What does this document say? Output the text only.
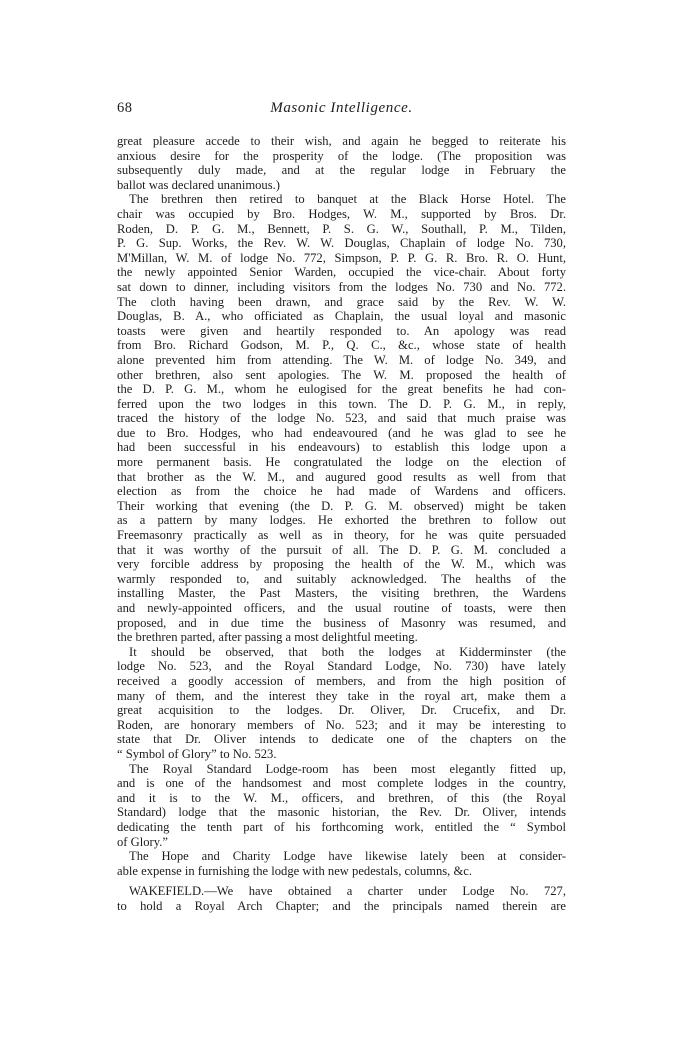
68	Masonic Intelligence.
great pleasure accede to their wish, and again he begged to reiterate his
anxious desire for the prosperity of the lodge. (The proposition was
subsequently duly made, and at the regular lodge in February the
ballot was declared unanimous.)
The brethren then retired to banquet at the Black Horse Hotel. The
chair was occupied by Bro. Hodges, W. M., supported by Bros. Dr.
Roden, D. P. G. M., Bennett, P. S. G. W., Southall, P. M., Tilden,
P. G. Sup. Works, the Rev. W. W. Douglas, Chaplain of lodge No. 730,
M'Millan, W. M. of lodge No. 772, Simpson, P. P. G. R. Bro. R. O. Hunt,
the newly appointed Senior Warden, occupied the vice-chair. About forty
sat down to dinner, including visitors from the lodges No. 730 and No. 772.
The cloth having been drawn, and grace said by the Rev. W. W.
Douglas, B. A., who officiated as Chaplain, the usual loyal and masonic
toasts were given and heartily responded to. An apology was read
from Bro. Richard Godson, M. P., Q. C., &c., whose state of health
alone prevented him from attending. The W. M. of lodge No. 349, and
other brethren, also sent apologies. The W. M. proposed the health of
the D. P. G. M., whom he eulogised for the great benefits he had con-
ferred upon the two lodges in this town. The D. P. G. M., in reply,
traced the history of the lodge No. 523, and said that much praise was
due to Bro. Hodges, who had endeavoured (and he was glad to see he
had been successful in his endeavours) to establish this lodge upon a
more permanent basis. He congratulated the lodge on the election of
that brother as the W. M., and augured good results as well from that
election as from the choice he had made of Wardens and officers.
Their working that evening (the D. P. G. M. observed) might be taken
as a pattern by many lodges. He exhorted the brethren to follow out
Freemasonry practically as well as in theory, for he was quite persuaded
that it was worthy of the pursuit of all. The D. P. G. M. concluded a
very forcible address by proposing the health of the W. M., which was
warmly responded to, and suitably acknowledged. The healths of the
installing Master, the Past Masters, the visiting brethren, the Wardens
and newly-appointed officers, and the usual routine of toasts, were then
proposed, and in due time the business of Masonry was resumed, and
the brethren parted, after passing a most delightful meeting.
It should be observed, that both the lodges at Kidderminster (the
lodge No. 523, and the Royal Standard Lodge, No. 730) have lately
received a goodly accession of members, and from the high position of
many of them, and the interest they take in the royal art, make them a
great acquisition to the lodges. Dr. Oliver, Dr. Crucefix, and Dr.
Roden, are honorary members of No. 523; and it may be interesting to
state that Dr. Oliver intends to dedicate one of the chapters on the
“ Symbol of Glory” to No. 523.
The Royal Standard Lodge-room has been most elegantly fitted up,
and is one of the handsomest and most complete lodges in the country,
and it is to the W. M., officers, and brethren, of this (the Royal
Standard) lodge that the masonic historian, the Rev. Dr. Oliver, intends
dedicating the tenth part of his forthcoming work, entitled the “ Symbol
of Glory.”
The Hope and Charity Lodge have likewise lately been at consider-
able expense in furnishing the lodge with new pedestals, columns, &c.
WAKEFIELD.—We have obtained a charter under Lodge No. 727,
to hold a Royal Arch Chapter; and the principals named therein are
